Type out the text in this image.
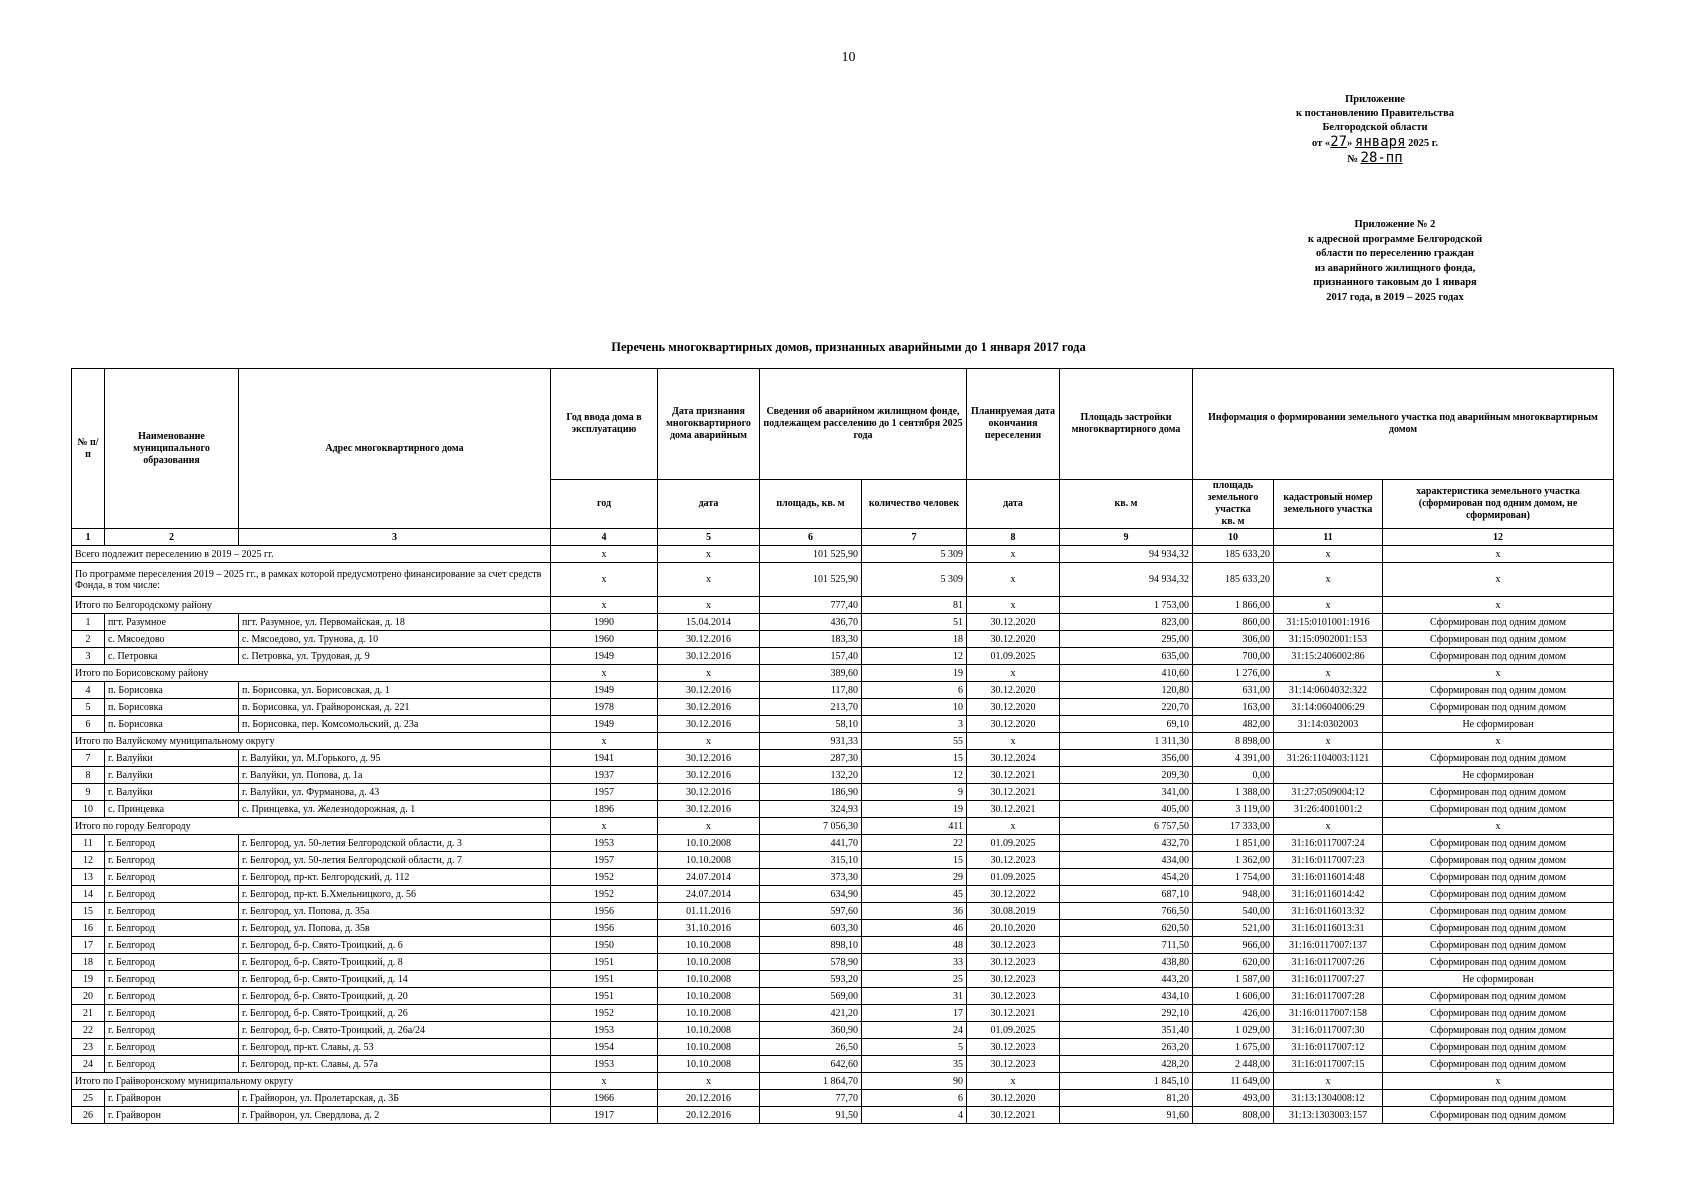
10
Приложение
к постановлению Правительства
Белгородской области
от «27» января 2025 г.
№ 28-пп
Приложение № 2
к адресной программе Белгородской
области по переселению граждан
из аварийного жилищного фонда,
признанного таковым до 1 января
2017 года, в 2019 – 2025 годах
Перечень многоквартирных домов, признанных аварийными до 1 января 2017 года
№ п/п	Наименование муниципального образования	Адрес многоквартирного дома	Год ввода дома в эксплуатацию	Дата признания многоквартирного дома аварийным	Сведения об аварийном жилищном фонде, подлежащем расселению до 1 сентября 2025 года		Планируемая дата окончания переселения	Площадь застройки многоквартирного дома	Информация о формировании земельного участка под аварийным многоквартирным домом		
			год	дата	площадь, кв. м	количество человек	дата	кв. м	площадь земельного участка
кв. м	кадастровый номер земельного участка	характеристика земельного участка (сформирован под одним домом, не сформирован)
1	2	3	4	5	6	7	8	9	10	11	12
Всего подлежит переселению в 2019 – 2025 гг.			х	х	101 525,90	5 309	х	94 934,32	185 633,20	х	х
По программе переселения 2019 – 2025 гг., в рамках которой предусмотрено финансирование за счет средств Фонда, в том числе:			х	х	101 525,90	5 309	х	94 934,32	185 633,20	х	х
Итого по Белгородскому району			х	х	777,40	81	х	1 753,00	1 866,00	х	х
1	пгт. Разумное	пгт. Разумное, ул. Первомайская, д. 18	1990	15.04.2014	436,70	51	30.12.2020	823,00	860,00	31:15:0101001:1916	Сформирован под одним домом
2	с. Мясоедово	с. Мясоедово, ул. Трунова, д. 10	1960	30.12.2016	183,30	18	30.12.2020	295,00	306,00	31:15:0902001:153	Сформирован под одним домом
3	с. Петровка	с. Петровка, ул. Трудовая, д. 9	1949	30.12.2016	157,40	12	01.09.2025	635,00	700,00	31:15:2406002:86	Сформирован под одним домом
Итого по Борисовскому району			х	х	389,60	19	х	410,60	1 276,00	х	х
4	п. Борисовка	п. Борисовка, ул. Борисовская, д. 1	1949	30.12.2016	117,80	6	30.12.2020	120,80	631,00	31:14:0604032:322	Сформирован под одним домом
5	п. Борисовка	п. Борисовка, ул. Грайворонская, д. 221	1978	30.12.2016	213,70	10	30.12.2020	220,70	163,00	31:14:0604006:29	Сформирован под одним домом
6	п. Борисовка	п. Борисовка, пер. Комсомольский, д. 23а	1949	30.12.2016	58,10	3	30.12.2020	69,10	482,00	31:14:0302003	Не сформирован
Итого по Валуйскому муниципальному округу			х	х	931,33	55	х	1 311,30	8 898,00	х	х
7	г. Валуйки	г. Валуйки, ул. М.Горького, д. 95	1941	30.12.2016	287,30	15	30.12.2024	356,00	4 391,00	31:26:1104003:1121	Сформирован под одним домом
8	г. Валуйки	г. Валуйки, ул. Попова, д. 1а	1937	30.12.2016	132,20	12	30.12.2021	209,30	0,00		Не сформирован
9	г. Валуйки	г. Валуйки, ул. Фурманова, д. 43	1957	30.12.2016	186,90	9	30.12.2021	341,00	1 388,00	31:27:0509004:12	Сформирован под одним домом
10	с. Принцевка	с. Принцевка, ул. Железнодорожная, д. 1	1896	30.12.2016	324,93	19	30.12.2021	405,00	3 119,00	31:26:4001001:2	Сформирован под одним домом
Итого по городу Белгороду			х	х	7 056,30	411	х	6 757,50	17 333,00	х	х
11	г. Белгород	г. Белгород, ул. 50-летия Белгородской области, д. 3	1953	10.10.2008	441,70	22	01.09.2025	432,70	1 851,00	31:16:0117007:24	Сформирован под одним домом
12	г. Белгород	г. Белгород, ул. 50-летия Белгородской области, д. 7	1957	10.10.2008	315,10	15	30.12.2023	434,00	1 362,00	31:16:0117007:23	Сформирован под одним домом
13	г. Белгород	г. Белгород, пр-кт. Белгородский, д. 112	1952	24.07.2014	373,30	29	01.09.2025	454,20	1 754,00	31:16:0116014:48	Сформирован под одним домом
14	г. Белгород	г. Белгород, пр-кт. Б.Хмельницкого, д. 56	1952	24.07.2014	634,90	45	30.12.2022	687,10	948,00	31:16:0116014:42	Сформирован под одним домом
15	г. Белгород	г. Белгород, ул. Попова, д. 35а	1956	01.11.2016	597,60	36	30.08.2019	766,50	540,00	31:16:0116013:32	Сформирован под одним домом
16	г. Белгород	г. Белгород, ул. Попова, д. 35в	1956	31.10.2016	603,30	46	20.10.2020	620,50	521,00	31:16:0116013:31	Сформирован под одним домом
17	г. Белгород	г. Белгород, б-р. Свято-Троицкий, д. 6	1950	10.10.2008	898,10	48	30.12.2023	711,50	966,00	31:16:0117007:137	Сформирован под одним домом
18	г. Белгород	г. Белгород, б-р. Свято-Троицкий, д. 8	1951	10.10.2008	578,90	33	30.12.2023	438,80	620,00	31:16:0117007:26	Сформирован под одним домом
19	г. Белгород	г. Белгород, б-р. Свято-Троицкий, д. 14	1951	10.10.2008	593,20	25	30.12.2023	443,20	1 587,00	31:16:0117007:27	Не сформирован
20	г. Белгород	г. Белгород, б-р. Свято-Троицкий, д. 20	1951	10.10.2008	569,00	31	30.12.2023	434,10	1 606,00	31:16:0117007:28	Сформирован под одним домом
21	г. Белгород	г. Белгород, б-р. Свято-Троицкий, д. 26	1952	10.10.2008	421,20	17	30.12.2021	292,10	426,00	31:16:0117007:158	Сформирован под одним домом
22	г. Белгород	г. Белгород, б-р. Свято-Троицкий, д. 26а/24	1953	10.10.2008	360,90	24	01.09.2025	351,40	1 029,00	31:16:0117007:30	Сформирован под одним домом
23	г. Белгород	г. Белгород, пр-кт. Славы, д. 53	1954	10.10.2008	26,50	5	30.12.2023	263,20	1 675,00	31:16:0117007:12	Сформирован под одним домом
24	г. Белгород	г. Белгород, пр-кт. Славы, д. 57а	1953	10.10.2008	642,60	35	30.12.2023	428,20	2 448,00	31:16:0117007:15	Сформирован под одним домом
Итого по Грайворонскому муниципальному округу			х	х	1 864,70	90	х	1 845,10	11 649,00	х	х
25	г. Грайворон	г. Грайворон, ул. Пролетарская, д. 3Б	1966	20.12.2016	77,70	6	30.12.2020	81,20	493,00	31:13:1304008:12	Сформирован под одним домом
26	г. Грайворон	г. Грайворон, ул. Свердлова, д. 2	1917	20.12.2016	91,50	4	30.12.2021	91,60	808,00	31:13:1303003:157	Сформирован под одним домом
